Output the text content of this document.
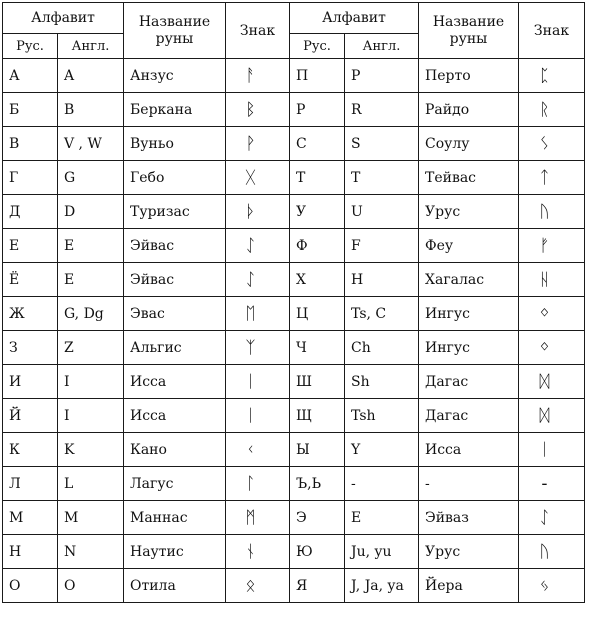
Алфавит		Название руны	Знак	Алфавит		Название руны	Знак
Рус.	Англ.			Рус.	Англ.		
А	A	Анзус	ᚨ	П	P	Перто	ᛈ
Б	B	Беркана	ᛒ	Р	R	Райдо	ᚱ
В	V , W	Вуньо	ᚹ	С	S	Соулу	ᛊ
Г	G	Гебо	ᚷ	Т	T	Тейвас	ᛏ
Д	D	Туризас	ᚦ	У	U	Урус	ᚢ
Е	E	Эйвас	ᛇ	Ф	F	Феу	ᚠ
Ё	E	Эйвас	ᛇ	Х	H	Хагалас	ᚺ
Ж	G, Dg	Эвас	ᛖ	Ц	Ts, C	Ингус	ᛜ
З	Z	Альгис	ᛉ	Ч	Ch	Ингус	ᛜ
И	I	Исса	ᛁ	Ш	Sh	Дагас	ᛞ
Й	I	Исса	ᛁ	Щ	Tsh	Дагас	ᛞ
К	K	Кано	ᚲ	Ы	Y	Исса	ᛁ
Л	L	Лагус	ᛚ	Ъ,Ь	-	-	-
М	M	Маннас	ᛗ	Э	E	Эйваз	ᛇ
Н	N	Наутис	ᚾ	Ю	Ju, yu	Урус	ᚢ
О	O	Отила	ᛟ	Я	J, Ja, ya	Йера	ᛃ
